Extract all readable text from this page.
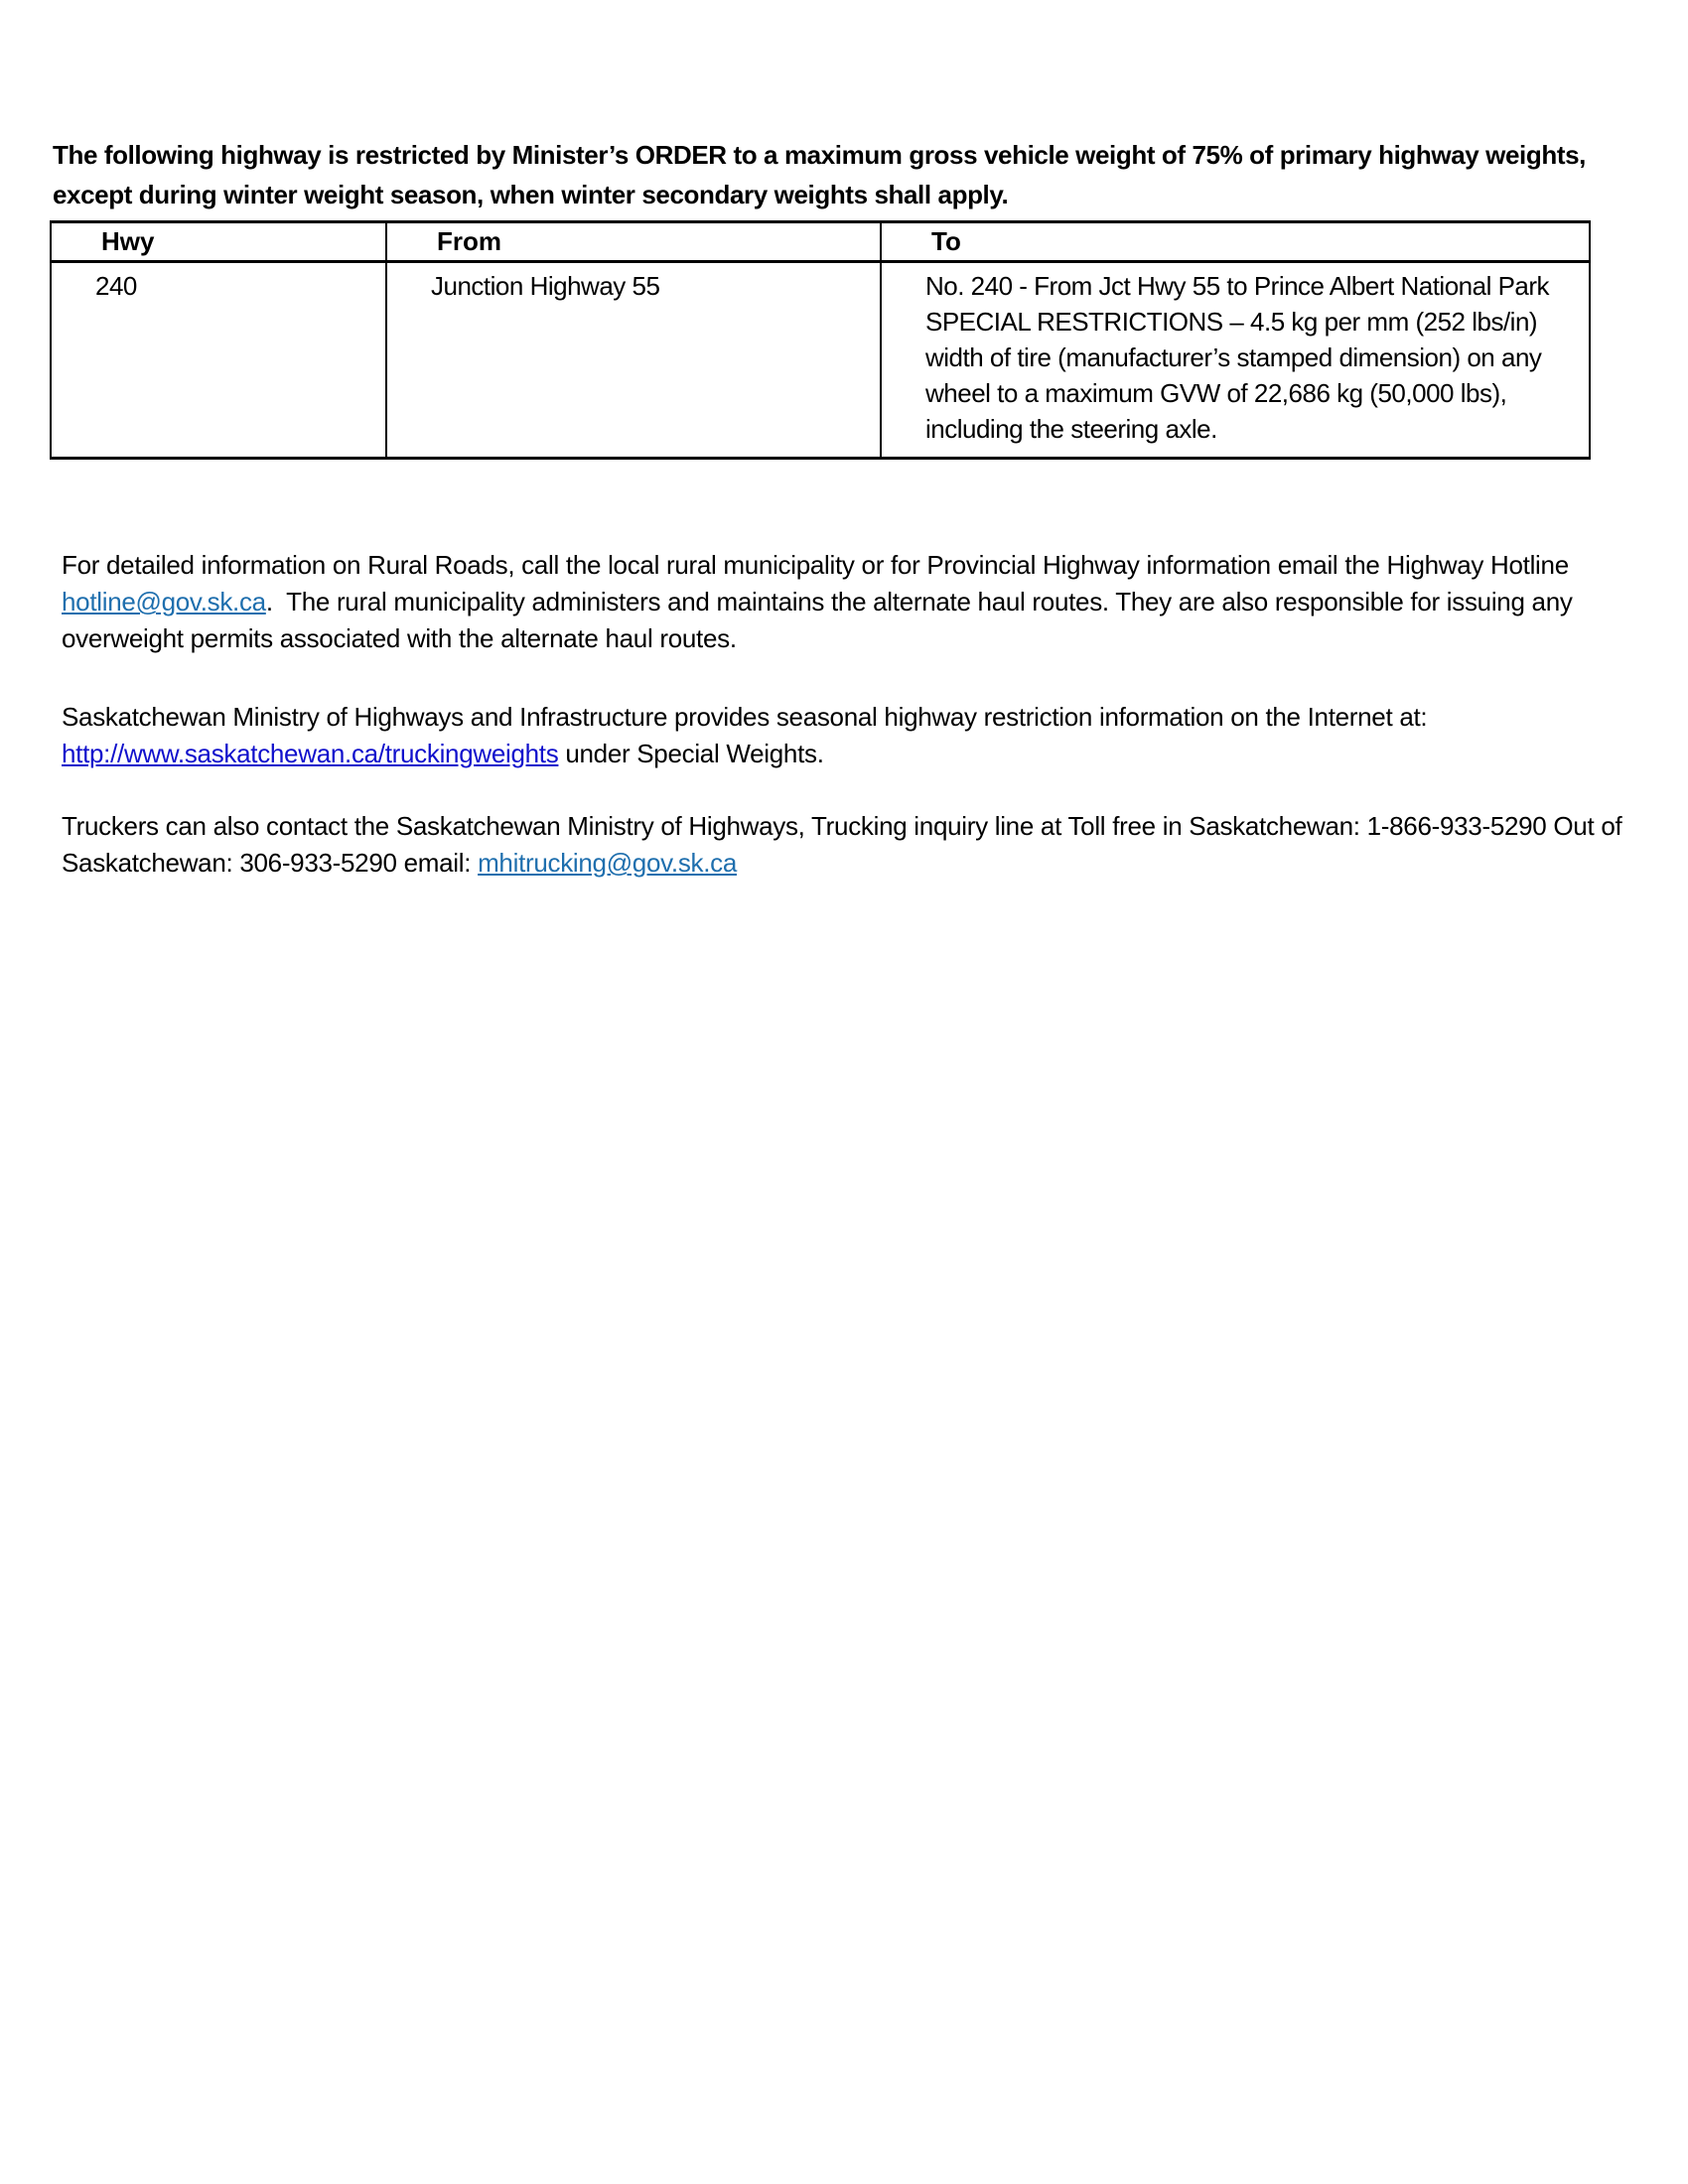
The following highway is restricted by Minister’s ORDER to a maximum gross vehicle weight of 75% of primary highway weights, except during winter weight season, when winter secondary weights shall apply.

Hwy	From	To
240	Junction Highway 55	No. 240 - From Jct Hwy 55 to Prince Albert National Park SPECIAL RESTRICTIONS – 4.5 kg per mm (252 lbs/in) width of tire (manufacturer’s stamped dimension) on any wheel to a maximum GVW of 22,686 kg (50,000 lbs), including the steering axle.

For detailed information on Rural Roads, call the local rural municipality or for Provincial Highway information email the Highway Hotline  hotline@gov.sk.ca.  The rural municipality administers and maintains the alternate haul routes. They are also responsible for issuing any overweight permits associated with the alternate haul routes.

Saskatchewan Ministry of Highways and Infrastructure provides seasonal highway restriction information on the Internet at: http://www.saskatchewan.ca/truckingweights under Special Weights.

Truckers can also contact the Saskatchewan Ministry of Highways, Trucking inquiry line at Toll free in Saskatchewan: 1-866-933-5290 Out of Saskatchewan: 306-933-5290 email: mhitrucking@gov.sk.ca
